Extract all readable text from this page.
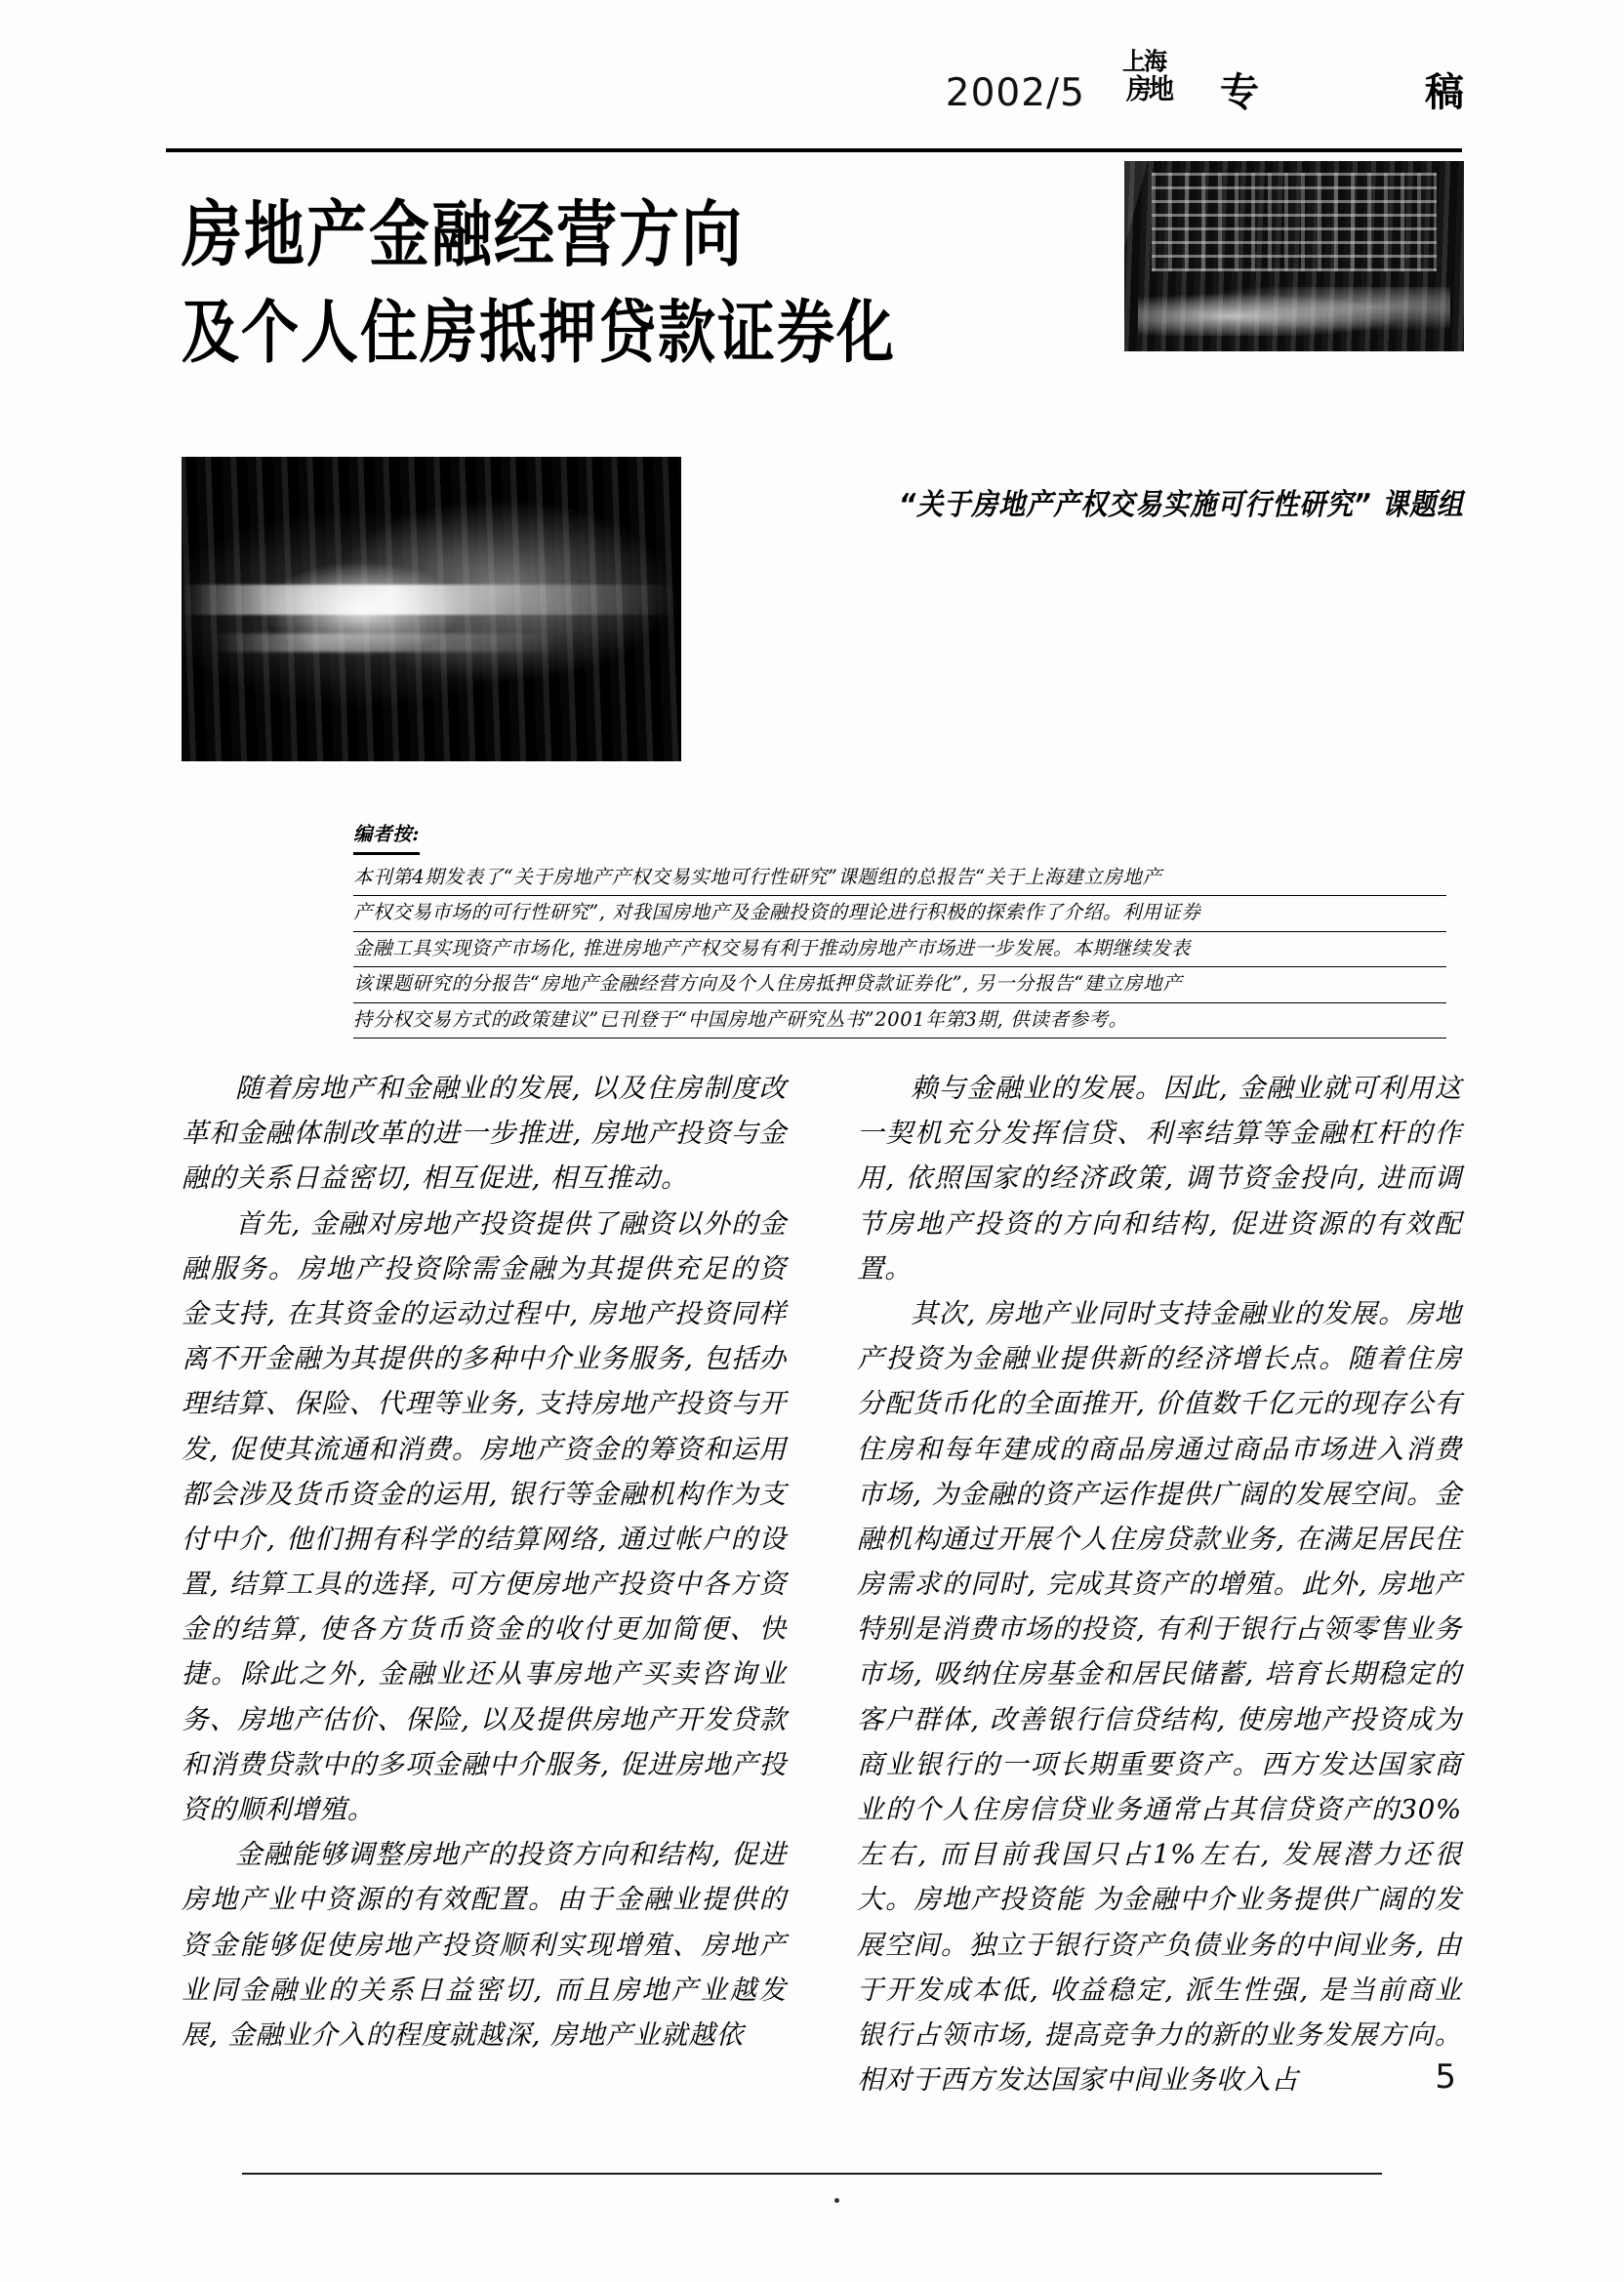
2002/5
上海
房地 专	稿
房地产金融经营方向
及个人住房抵押贷款证券化
“关于房地产产权交易实施可行性研究” 课题组
编者按:

本刊第4期发表了“关于房地产产权交易实地可行性研究”课题组的总报告“关于上海建立房地产

产权交易市场的可行性研究”, 对我国房地产及金融投资的理论进行积极的探索作了介绍。利用证券

金融工具实现资产市场化, 推进房地产产权交易有利于推动房地产市场进一步发展。本期继续发表

该课题研究的分报告“房地产金融经营方向及个人住房抵押贷款证券化”, 另一分报告“建立房地产

持分权交易方式的政策建议”已刊登于“中国房地产研究丛书”2001年第3期, 供读者参考。

随着房地产和金融业的发展, 以及住房制度改革和金融体制改革的进一步推进, 房地产投资与金融的关系日益密切, 相互促进, 相互推动。

首先, 金融对房地产投资提供了融资以外的金融服务。房地产投资除需金融为其提供充足的资金支持, 在其资金的运动过程中, 房地产投资同样离不开金融为其提供的多种中介业务服务, 包括办理结算、保险、代理等业务, 支持房地产投资与开发, 促使其流通和消费。房地产资金的筹资和运用都会涉及货币资金的运用, 银行等金融机构作为支付中介, 他们拥有科学的结算网络, 通过帐户的设置, 结算工具的选择, 可方便房地产投资中各方资金的结算, 使各方货币资金的收付更加简便、快捷。除此之外, 金融业还从事房地产买卖咨询业务、房地产估价、保险, 以及提供房地产开发贷款和消费贷款中的多项金融中介服务, 促进房地产投资的顺利增殖。

金融能够调整房地产的投资方向和结构, 促进房地产业中资源的有效配置。由于金融业提供的资金能够促使房地产投资顺利实现增殖、房地产业同金融业的关系日益密切, 而且房地产业越发展, 金融业介入的程度就越深, 房地产业就越依

赖与金融业的发展。因此, 金融业就可利用这一契机充分发挥信贷、利率结算等金融杠杆的作用, 依照国家的经济政策, 调节资金投向, 进而调节房地产投资的方向和结构, 促进资源的有效配置。

其次, 房地产业同时支持金融业的发展。房地产投资为金融业提供新的经济增长点。随着住房分配货币化的全面推开, 价值数千亿元的现存公有住房和每年建成的商品房通过商品市场进入消费市场, 为金融的资产运作提供广阔的发展空间。金融机构通过开展个人住房贷款业务, 在满足居民住房需求的同时, 完成其资产的增殖。此外, 房地产特别是消费市场的投资, 有利于银行占领零售业务市场, 吸纳住房基金和居民储蓄, 培育长期稳定的客户群体, 改善银行信贷结构, 使房地产投资成为商业银行的一项长期重要资产。西方发达国家商业的个人住房信贷业务通常占其信贷资产的30%左右, 而目前我国只占1%左右, 发展潜力还很大。房地产投资能 为金融中介业务提供广阔的发展空间。独立于银行资产负债业务的中间业务, 由于开发成本低, 收益稳定, 派生性强, 是当前商业银行占领市场, 提高竞争力的新的业务发展方向。相对于西方发达国家中间业务收入占	5
